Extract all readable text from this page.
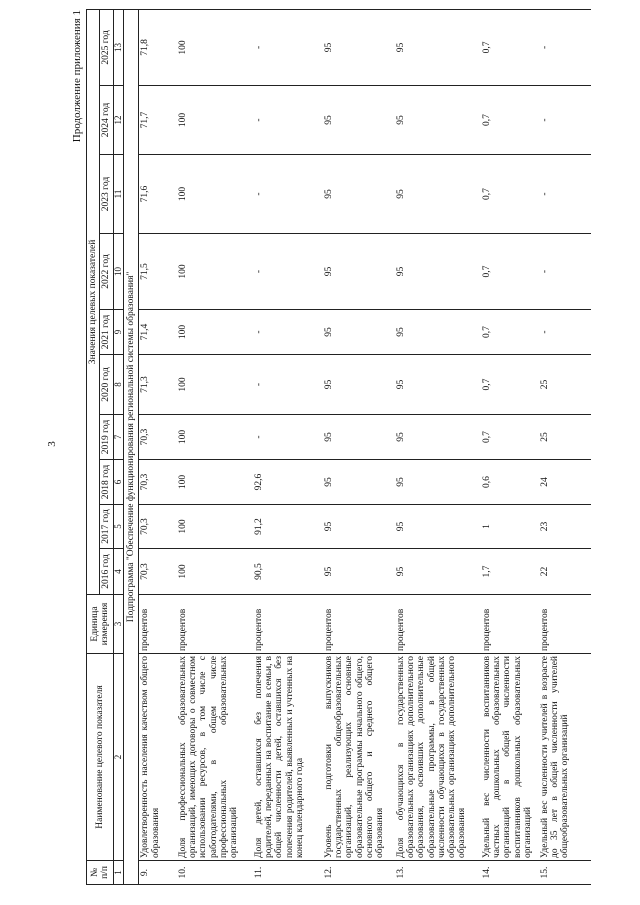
3
Продолжение приложения 1
№ п/п	Наименование целевого показателя	Единица измерения	Значения целевых показателей									
			2016 год	2017 год	2018 год	2019 год	2020 год	2021 год	2022 год	2023 год	2024 год	2025 год
1	2	3	4	5	6	7	8	9	10	11	12	13
Подпрограмма "Обеспечение функционирования региональной системы образования"												
9.	Удовлетворенность населения качеством общего образования	процентов	70,3	70,3	70,3	70,3	71,3	71,4	71,5	71,6	71,7	71,8
10.	Доля профессиональных образовательных организаций, имеющих договоры о совместном использовании ресурсов, в том числе с работодателями, в общем числе профессиональных образовательных организаций	процентов	100	100	100	100	100	100	100	100	100	100
11.	Доля детей, оставшихся без попечения родителей, переданных на воспитание в семьи, в общей численности детей, оставшихся без попечения родителей, выявленных и учтенных на конец календарного года	процентов	90,5	91,2	92,6	-	-	-	-	-	-	-
12.	Уровень подготовки выпускников государственных общеобразовательных организаций, реализующих основные образовательные программы начального общего, основного общего и среднего общего образования	процентов	95	95	95	95	95	95	95	95	95	95
13.	Доля обучающихся в государственных образовательных организациях дополнительного образования, освоивших дополнительные образовательные программы, в общей численности обучающихся в государственных образовательных организациях дополнительного образования	процентов	95	95	95	95	95	95	95	95	95	95
14.	Удельный вес численности воспитанников частных дошкольных образовательных организаций в общей численности воспитанников дошкольных образовательных организаций	процентов	1,7	1	0,6	0,7	0,7	0,7	0,7	0,7	0,7	0,7
15.	Удельный вес численности учителей в возрасте до 35 лет в общей численности учителей общеобразовательных организаций	процентов	22	23	24	25	25	-	-	-	-	-
